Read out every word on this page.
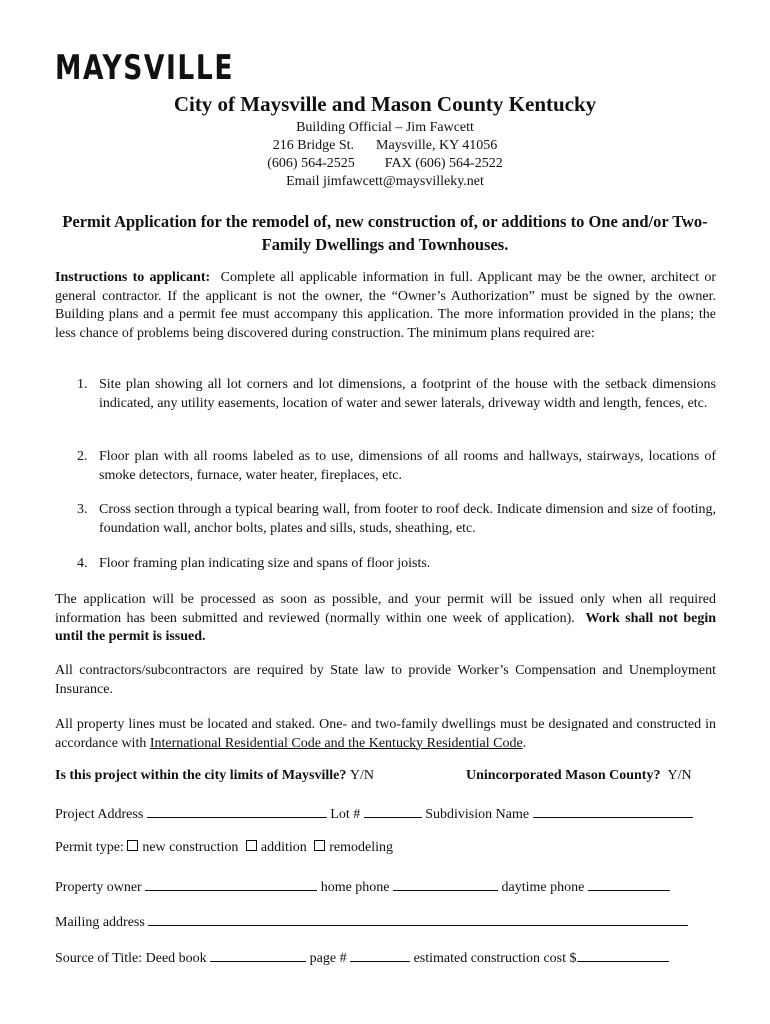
MAYSVILLE
City of Maysville and Mason County Kentucky
Building Official – Jim Fawcett
216 Bridge St. Maysville, KY 41056
(606) 564-2525 FAX (606) 564-2522
Email jimfawcett@maysvilleky.net
Permit Application for the remodel of, new construction of, or additions to One and/or Two-Family Dwellings and Townhouses.
Instructions to applicant: Complete all applicable information in full. Applicant may be the owner, architect or general contractor. If the applicant is not the owner, the “Owner’s Authorization” must be signed by the owner. Building plans and a permit fee must accompany this application. The more information provided in the plans; the less chance of problems being discovered during construction. The minimum plans required are:
1. Site plan showing all lot corners and lot dimensions, a footprint of the house with the setback dimensions indicated, any utility easements, location of water and sewer laterals, driveway width and length, fences, etc.
2. Floor plan with all rooms labeled as to use, dimensions of all rooms and hallways, stairways, locations of smoke detectors, furnace, water heater, fireplaces, etc.
3. Cross section through a typical bearing wall, from footer to roof deck. Indicate dimension and size of footing, foundation wall, anchor bolts, plates and sills, studs, sheathing, etc.
4. Floor framing plan indicating size and spans of floor joists.
The application will be processed as soon as possible, and your permit will be issued only when all required information has been submitted and reviewed (normally within one week of application). Work shall not begin until the permit is issued.
All contractors/subcontractors are required by State law to provide Worker’s Compensation and Unemployment Insurance.
All property lines must be located and staked. One- and two-family dwellings must be designated and constructed in accordance with International Residential Code and the Kentucky Residential Code.
Is this project within the city limits of Maysville? Y/N	Unincorporated Mason County? Y/N
Project Address	Lot #	Subdivision Name
Permit type: new construction addition remodeling
Property owner	home phone	daytime phone
Mailing address
Source of Title: Deed book	page #	estimated construction cost $
